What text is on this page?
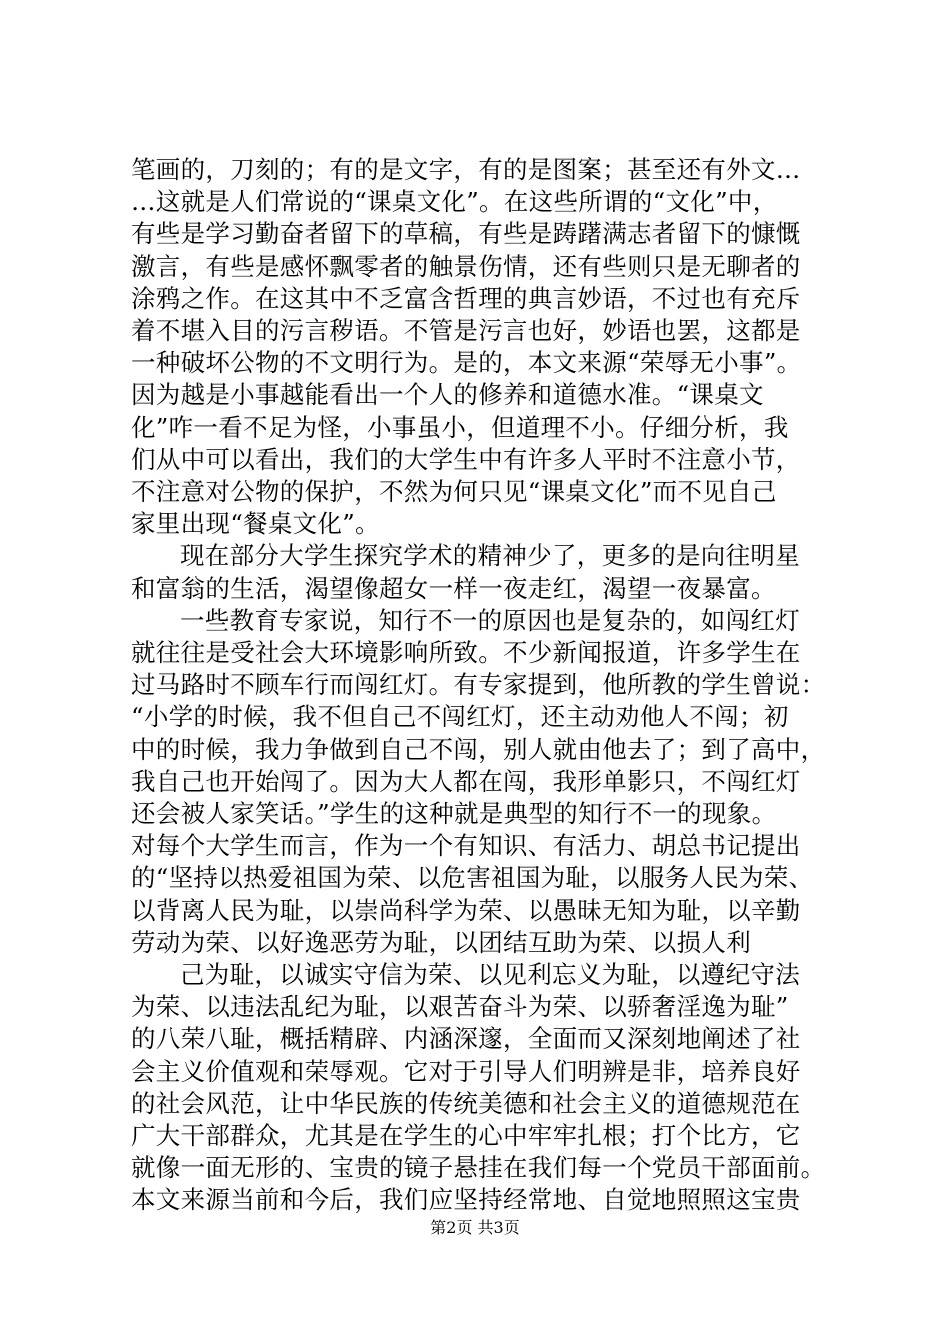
笔画的，刀刻的；有的是文字，有的是图案；甚至还有外文…
…这就是人们常说的“课桌文化”。在这些所谓的“文化”中，
有些是学习勤奋者留下的草稿，有些是踌躇满志者留下的慷慨
激言，有些是感怀飘零者的触景伤情，还有些则只是无聊者的
涂鸦之作。在这其中不乏富含哲理的典言妙语，不过也有充斥
着不堪入目的污言秽语。不管是污言也好，妙语也罢，这都是
一种破坏公物的不文明行为。是的，本文来源“荣辱无小事”。
因为越是小事越能看出一个人的修养和道德水准。“课桌文
化”咋一看不足为怪，小事虽小，但道理不小。仔细分析，我
们从中可以看出，我们的大学生中有许多人平时不注意小节，
不注意对公物的保护，不然为何只见“课桌文化”而不见自己
家里出现“餐桌文化”。
现在部分大学生探究学术的精神少了，更多的是向往明星
和富翁的生活，渴望像超女一样一夜走红，渴望一夜暴富。
一些教育专家说，知行不一的原因也是复杂的，如闯红灯
就往往是受社会大环境影响所致。不少新闻报道，许多学生在
过马路时不顾车行而闯红灯。有专家提到，他所教的学生曾说：
“小学的时候，我不但自己不闯红灯，还主动劝他人不闯；初
中的时候，我力争做到自己不闯，别人就由他去了；到了高中，
我自己也开始闯了。因为大人都在闯，我形单影只，不闯红灯
还会被人家笑话。”学生的这种就是典型的知行不一的现象。
对每个大学生而言，作为一个有知识、有活力、胡总书记提出
的“坚持以热爱祖国为荣、以危害祖国为耻，以服务人民为荣、
以背离人民为耻，以崇尚科学为荣、以愚昧无知为耻，以辛勤
劳动为荣、以好逸恶劳为耻，以团结互助为荣、以损人利
己为耻，以诚实守信为荣、以见利忘义为耻，以遵纪守法
为荣、以违法乱纪为耻，以艰苦奋斗为荣、以骄奢淫逸为耻”
的八荣八耻，概括精辟、内涵深邃，全面而又深刻地阐述了社
会主义价值观和荣辱观。它对于引导人们明辨是非，培养良好
的社会风范，让中华民族的传统美德和社会主义的道德规范在
广大干部群众，尤其是在学生的心中牢牢扎根；打个比方，它
就像一面无形的、宝贵的镜子悬挂在我们每一个党员干部面前。
本文来源当前和今后，我们应坚持经常地、自觉地照照这宝贵
第2页 共3页
